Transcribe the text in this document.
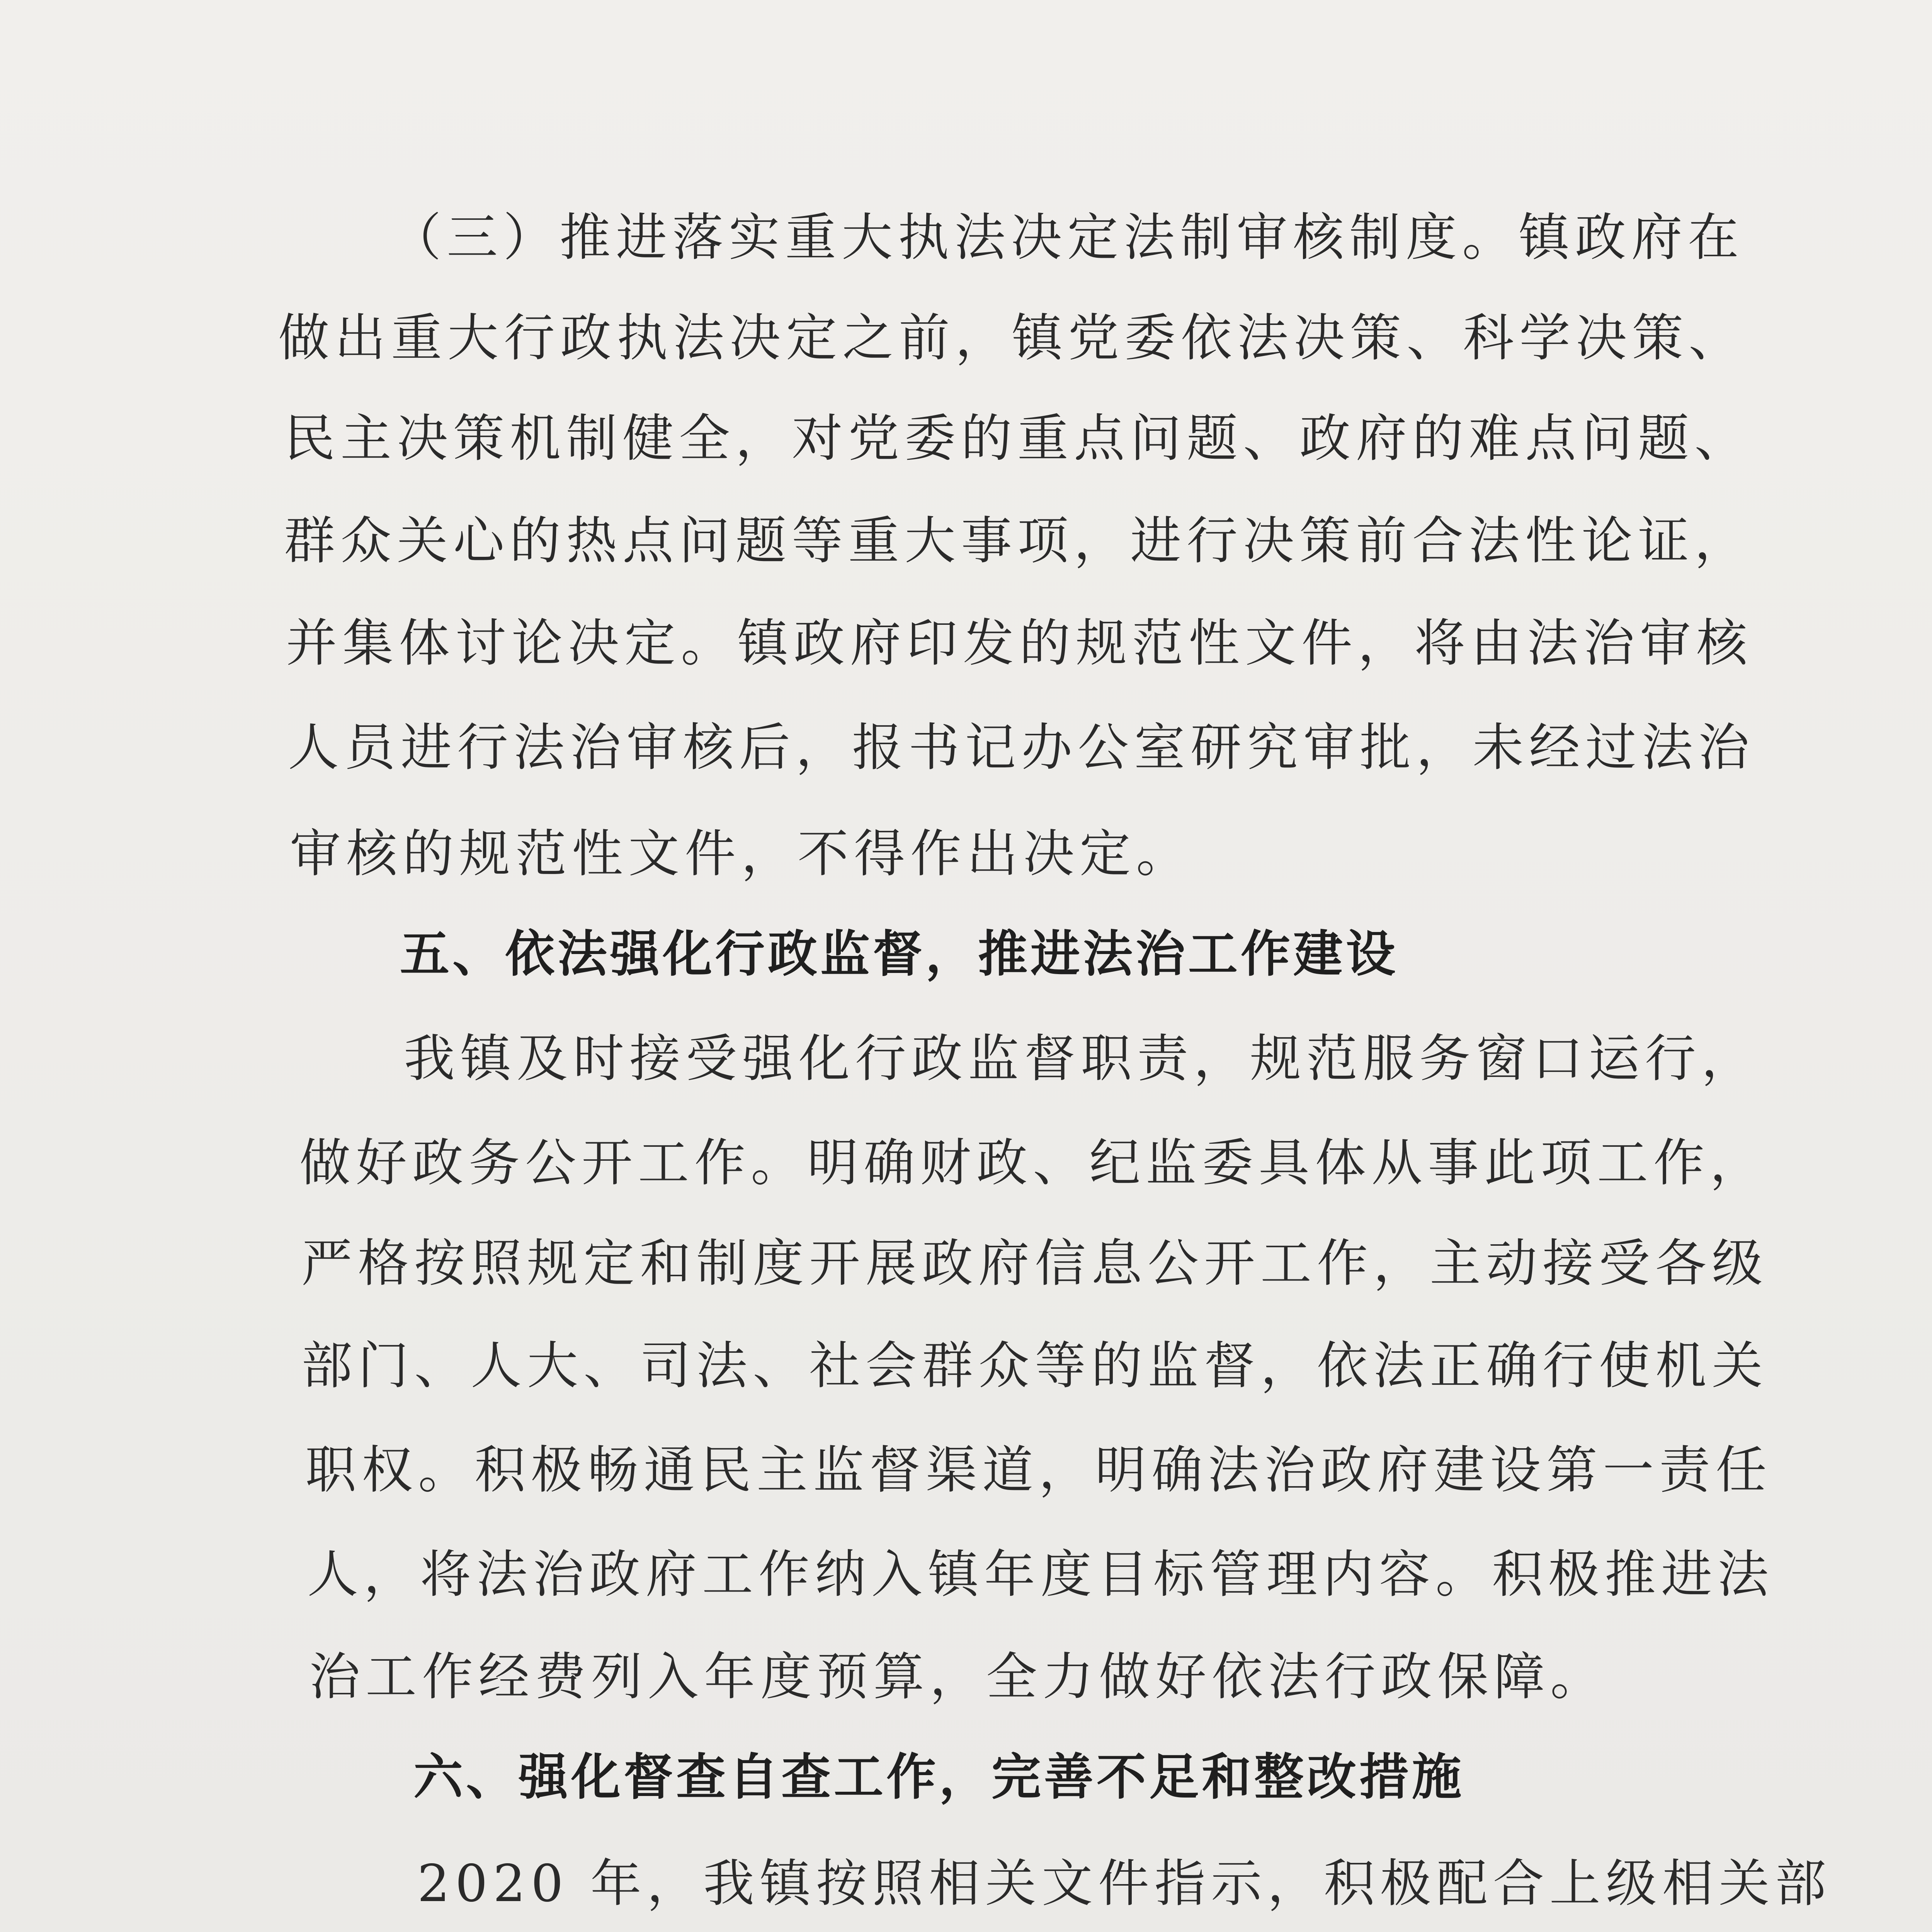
（三）推进落实重大执法决定法制审核制度。镇政府在
做出重大行政执法决定之前，镇党委依法决策、科学决策、
民主决策机制健全，对党委的重点问题、政府的难点问题、
群众关心的热点问题等重大事项，进行决策前合法性论证，
并集体讨论决定。镇政府印发的规范性文件，将由法治审核
人员进行法治审核后，报书记办公室研究审批，未经过法治
审核的规范性文件，不得作出决定。
五、依法强化行政监督，推进法治工作建设
我镇及时接受强化行政监督职责，规范服务窗口运行，
做好政务公开工作。明确财政、纪监委具体从事此项工作，
严格按照规定和制度开展政府信息公开工作，主动接受各级
部门、人大、司法、社会群众等的监督，依法正确行使机关
职权。积极畅通民主监督渠道，明确法治政府建设第一责任
人，将法治政府工作纳入镇年度目标管理内容。积极推进法
治工作经费列入年度预算，全力做好依法行政保障。
六、强化督查自查工作，完善不足和整改措施
2020 年，我镇按照相关文件指示，积极配合上级相关部
